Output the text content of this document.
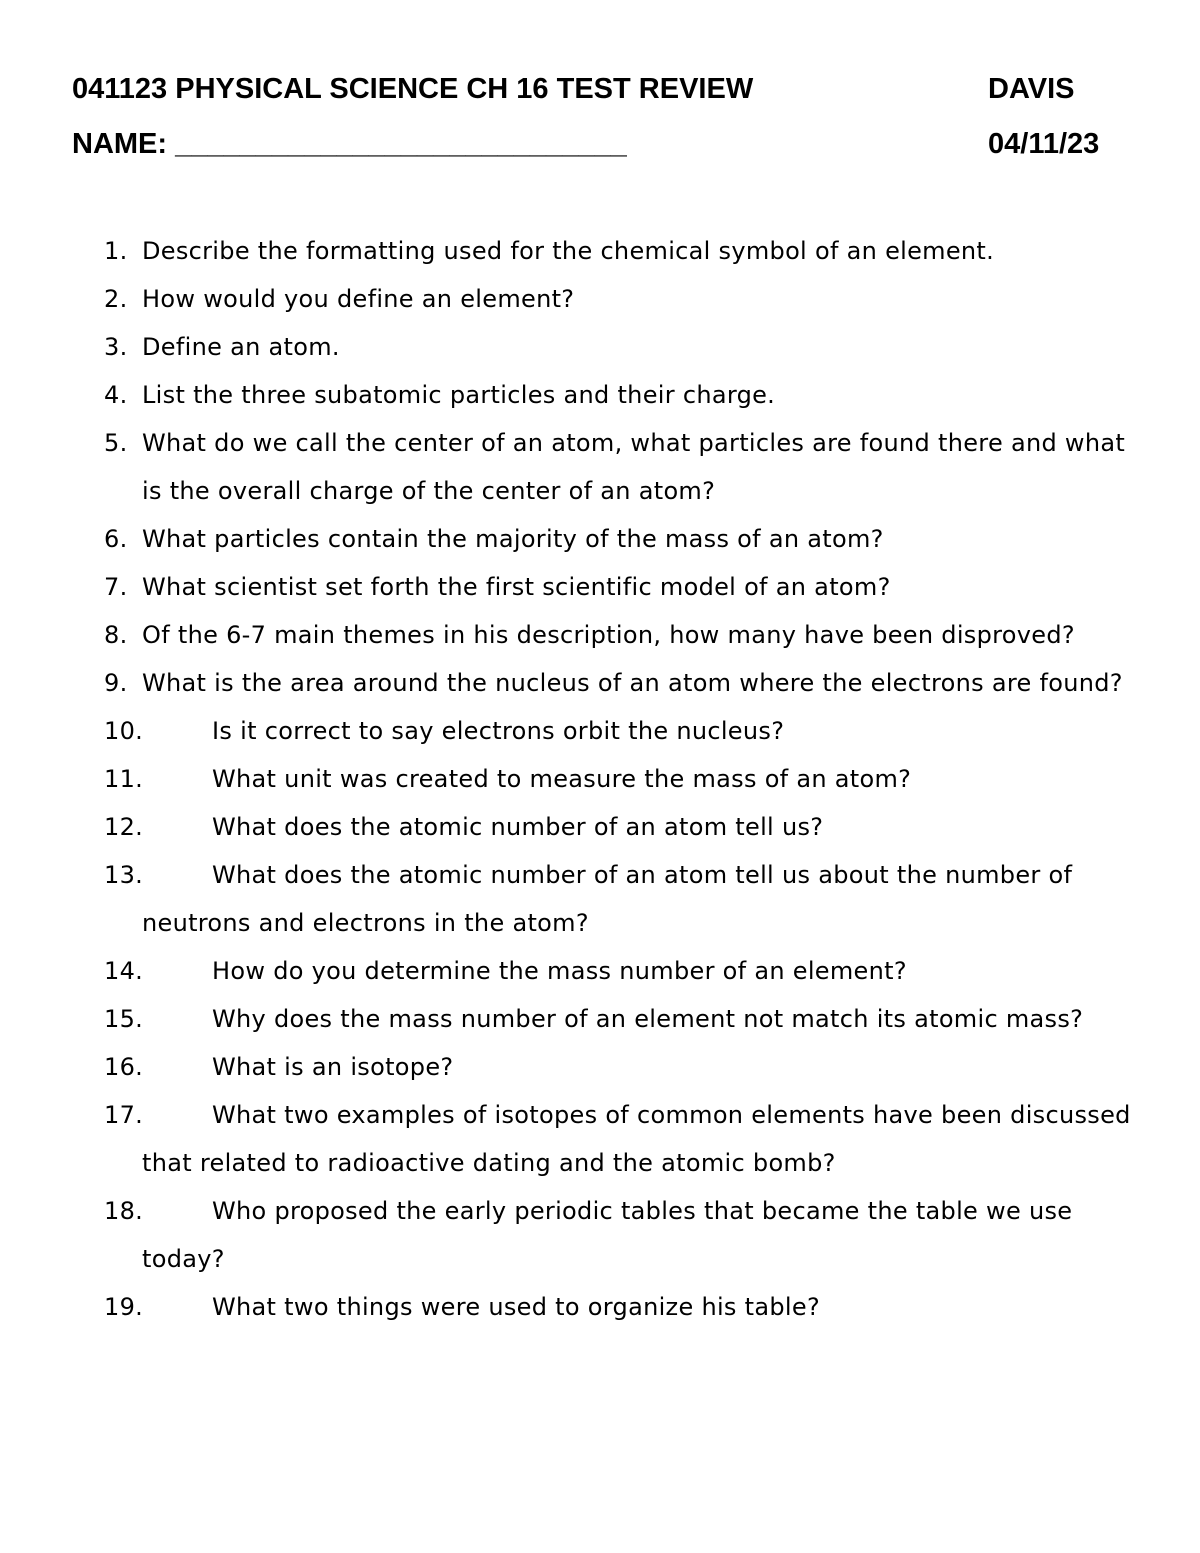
041123 PHYSICAL SCIENCE CH 16 TEST REVIEW	DAVIS
NAME: ____________________________	04/11/23
1. Describe the formatting used for the chemical symbol of an element.
2. How would you define an element?
3. Define an atom.
4. List the three subatomic particles and their charge.
5. What do we call the center of an atom, what particles are found there and what is the overall charge of the center of an atom?
6. What particles contain the majority of the mass of an atom?
7. What scientist set forth the first scientific model of an atom?
8. Of the 6-7 main themes in his description, how many have been disproved?
9. What is the area around the nucleus of an atom where the electrons are found?
10.	Is it correct to say electrons orbit the nucleus?
11.	What unit was created to measure the mass of an atom?
12.	What does the atomic number of an atom tell us?
13.	What does the atomic number of an atom tell us about the number of neutrons and electrons in the atom?
14.	How do you determine the mass number of an element?
15.	Why does the mass number of an element not match its atomic mass?
16.	What is an isotope?
17.	What two examples of isotopes of common elements have been discussed that related to radioactive dating and the atomic bomb?
18.	Who proposed the early periodic tables that became the table we use today?
19.	What two things were used to organize his table?
